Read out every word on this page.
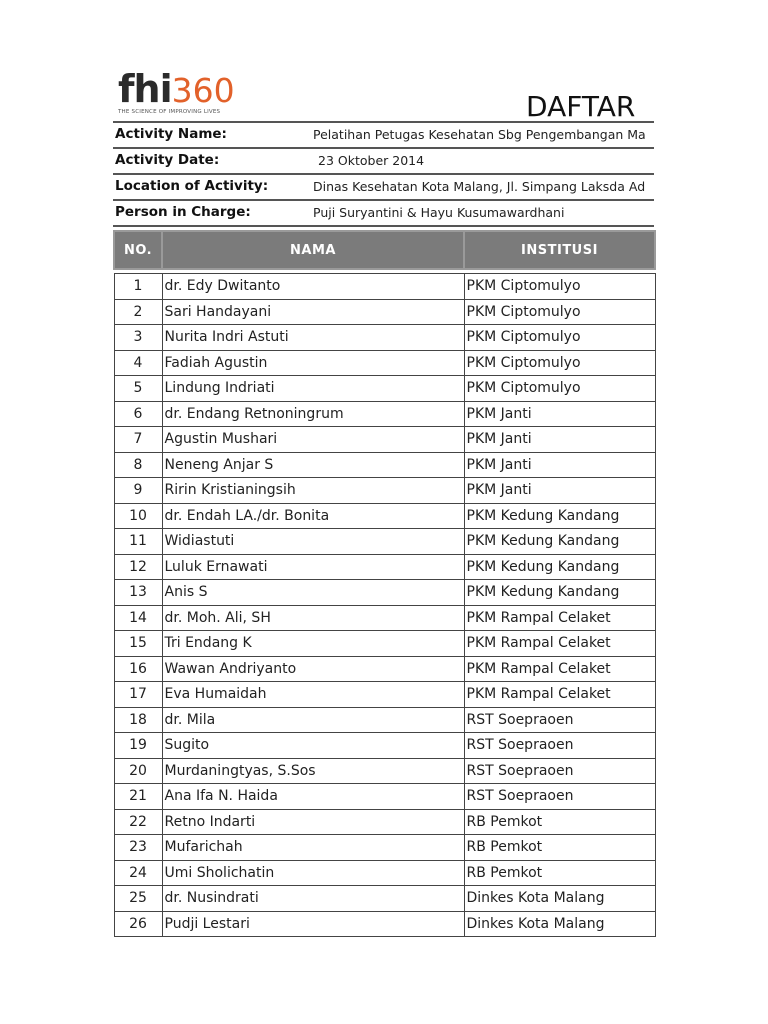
fhi360
THE SCIENCE OF IMPROVING LIVES	DAFTAR
Activity Name:	Pelatihan Petugas Kesehatan Sbg Pengembangan Ma
Activity Date:	23 Oktober 2014
Location of Activity:	Dinas Kesehatan Kota Malang, Jl. Simpang Laksda Ad
Person in Charge:	Puji Suryantini & Hayu Kusumawardhani
NO.	NAMA	INSTITUSI

1	dr. Edy Dwitanto	PKM Ciptomulyo
2	Sari Handayani	PKM Ciptomulyo
3	Nurita Indri Astuti	PKM Ciptomulyo
4	Fadiah Agustin	PKM Ciptomulyo
5	Lindung Indriati	PKM Ciptomulyo
6	dr. Endang Retnoningrum	PKM Janti
7	Agustin Mushari	PKM Janti
8	Neneng Anjar S	PKM Janti
9	Ririn Kristianingsih	PKM Janti
10	dr. Endah LA./dr. Bonita	PKM Kedung Kandang
11	Widiastuti	PKM Kedung Kandang
12	Luluk Ernawati	PKM Kedung Kandang
13	Anis S	PKM Kedung Kandang
14	dr. Moh. Ali, SH	PKM Rampal Celaket
15	Tri Endang K	PKM Rampal Celaket
16	Wawan Andriyanto	PKM Rampal Celaket
17	Eva Humaidah	PKM Rampal Celaket
18	dr. Mila	RST Soepraoen
19	Sugito	RST Soepraoen
20	Murdaningtyas, S.Sos	RST Soepraoen
21	Ana Ifa N. Haida	RST Soepraoen
22	Retno Indarti	RB Pemkot
23	Mufarichah	RB Pemkot
24	Umi Sholichatin	RB Pemkot
25	dr. Nusindrati	Dinkes Kota Malang
26	Pudji Lestari	Dinkes Kota Malang
